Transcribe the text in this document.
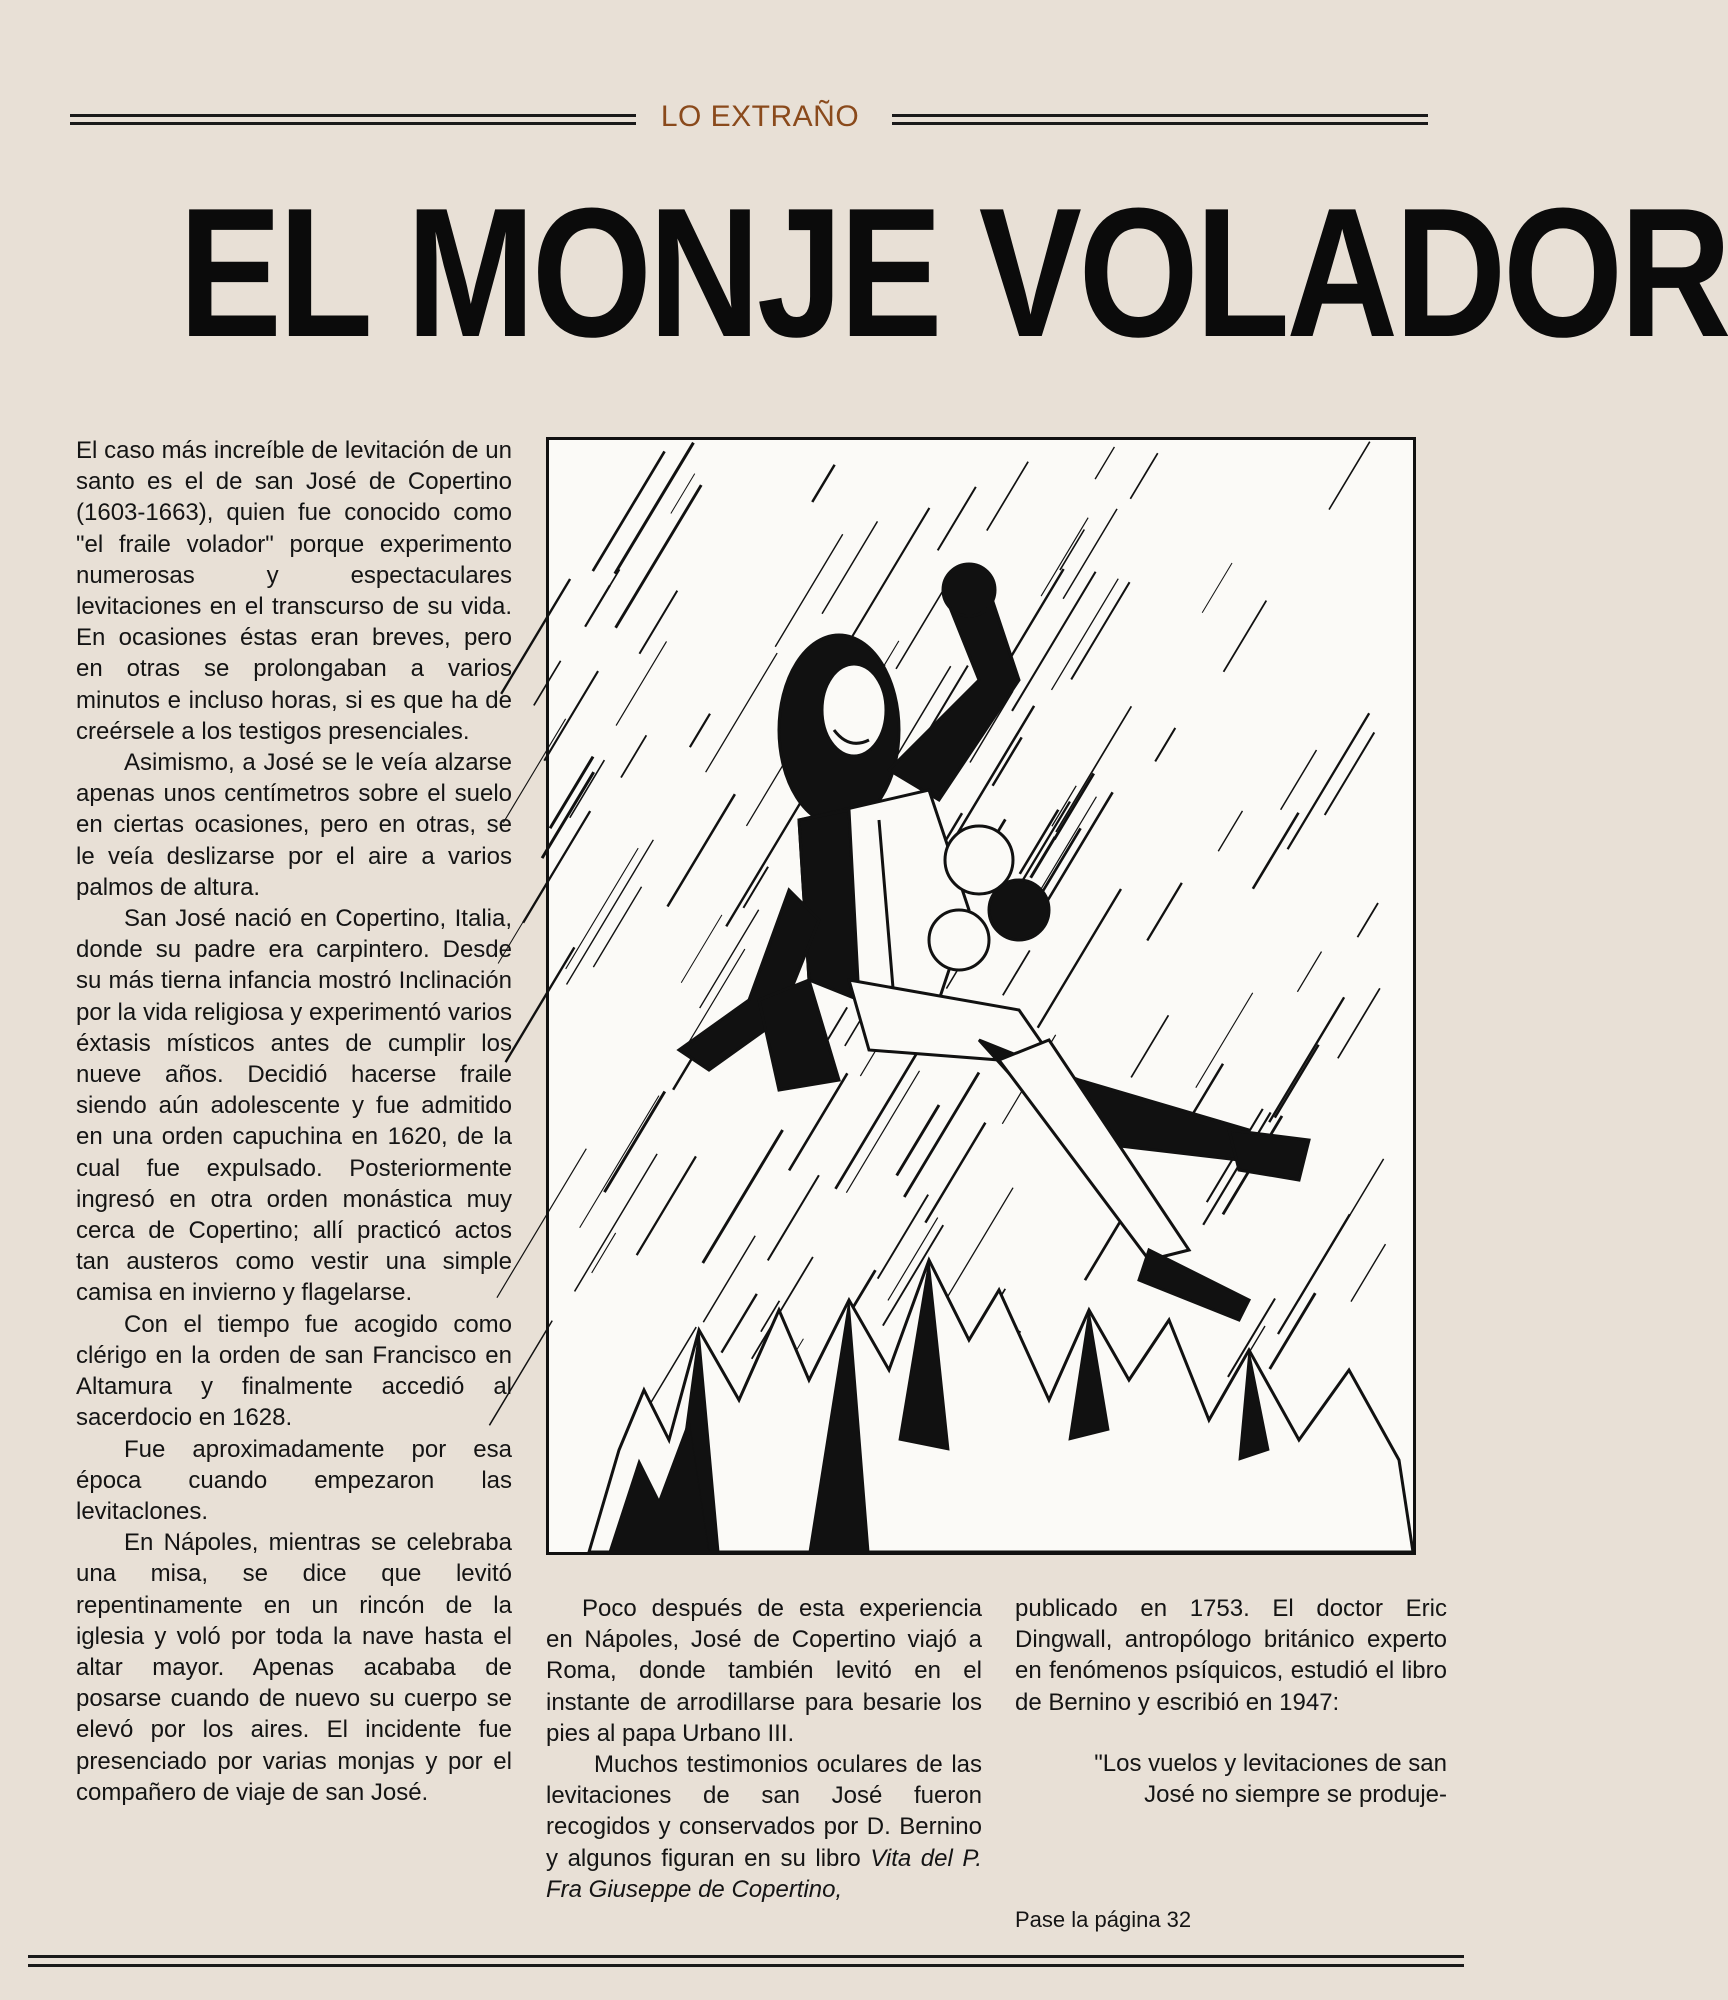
LO EXTRAÑO
EL MONJE VOLADOR

El caso más increíble de levitación de un santo es el de san José de Copertino (1603-1663), quien fue conocido como "el fraile volador" porque experimento numerosas y espectaculares levitaciones en el transcurso de su vida. En ocasiones éstas eran breves, pero en otras se prolongaban a varios minutos e incluso horas, si es que ha de creérsele a los testigos presenciales.

Asimismo, a José se le veía alzarse apenas unos centímetros sobre el suelo en ciertas ocasiones, pero en otras, se le veía deslizarse por el aire a varios palmos de altura.

San José nació en Copertino, Italia, donde su padre era carpintero. Desde su más tierna infancia mostró Inclinación por la vida religiosa y experimentó varios éxtasis místicos antes de cumplir los nueve años. Decidió hacerse fraile siendo aún adolescente y fue admitido en una orden capuchina en 1620, de la cual fue expulsado. Posteriormente ingresó en otra orden monástica muy cerca de Copertino; allí practicó actos tan austeros como vestir una simple camisa en invierno y flagelarse.

Con el tiempo fue acogido como clérigo en la orden de san Francisco en Altamura y finalmente accedió al sacerdocio en 1628.

Fue aproximadamente por esa época cuando empezaron las levitaclones.

En Nápoles, mientras se celebraba una misa, se dice que levitó repentinamente en un rincón de la iglesia y voló por toda la nave hasta el altar mayor. Apenas acababa de posarse cuando de nuevo su cuerpo se elevó por los aires. El incidente fue presenciado por varias monjas y por el compañero de viaje de san José.

Poco después de esta experiencia en Nápoles, José de Copertino viajó a Roma, donde también levitó en el instante de arrodillarse para besarie los pies al papa Urbano III.

Muchos testimonios oculares de las levitaciones de san José fueron recogidos y conservados por D. Bernino y algunos figuran en su libro Vita del P. Fra Giuseppe de Copertino,

publicado en 1753. El doctor Eric Dingwall, antropólogo británico experto en fenómenos psíquicos, estudió el libro de Bernino y escribió en 1947:

"Los vuelos y levitaciones de san José no siempre se produje-

Pase la página 32
